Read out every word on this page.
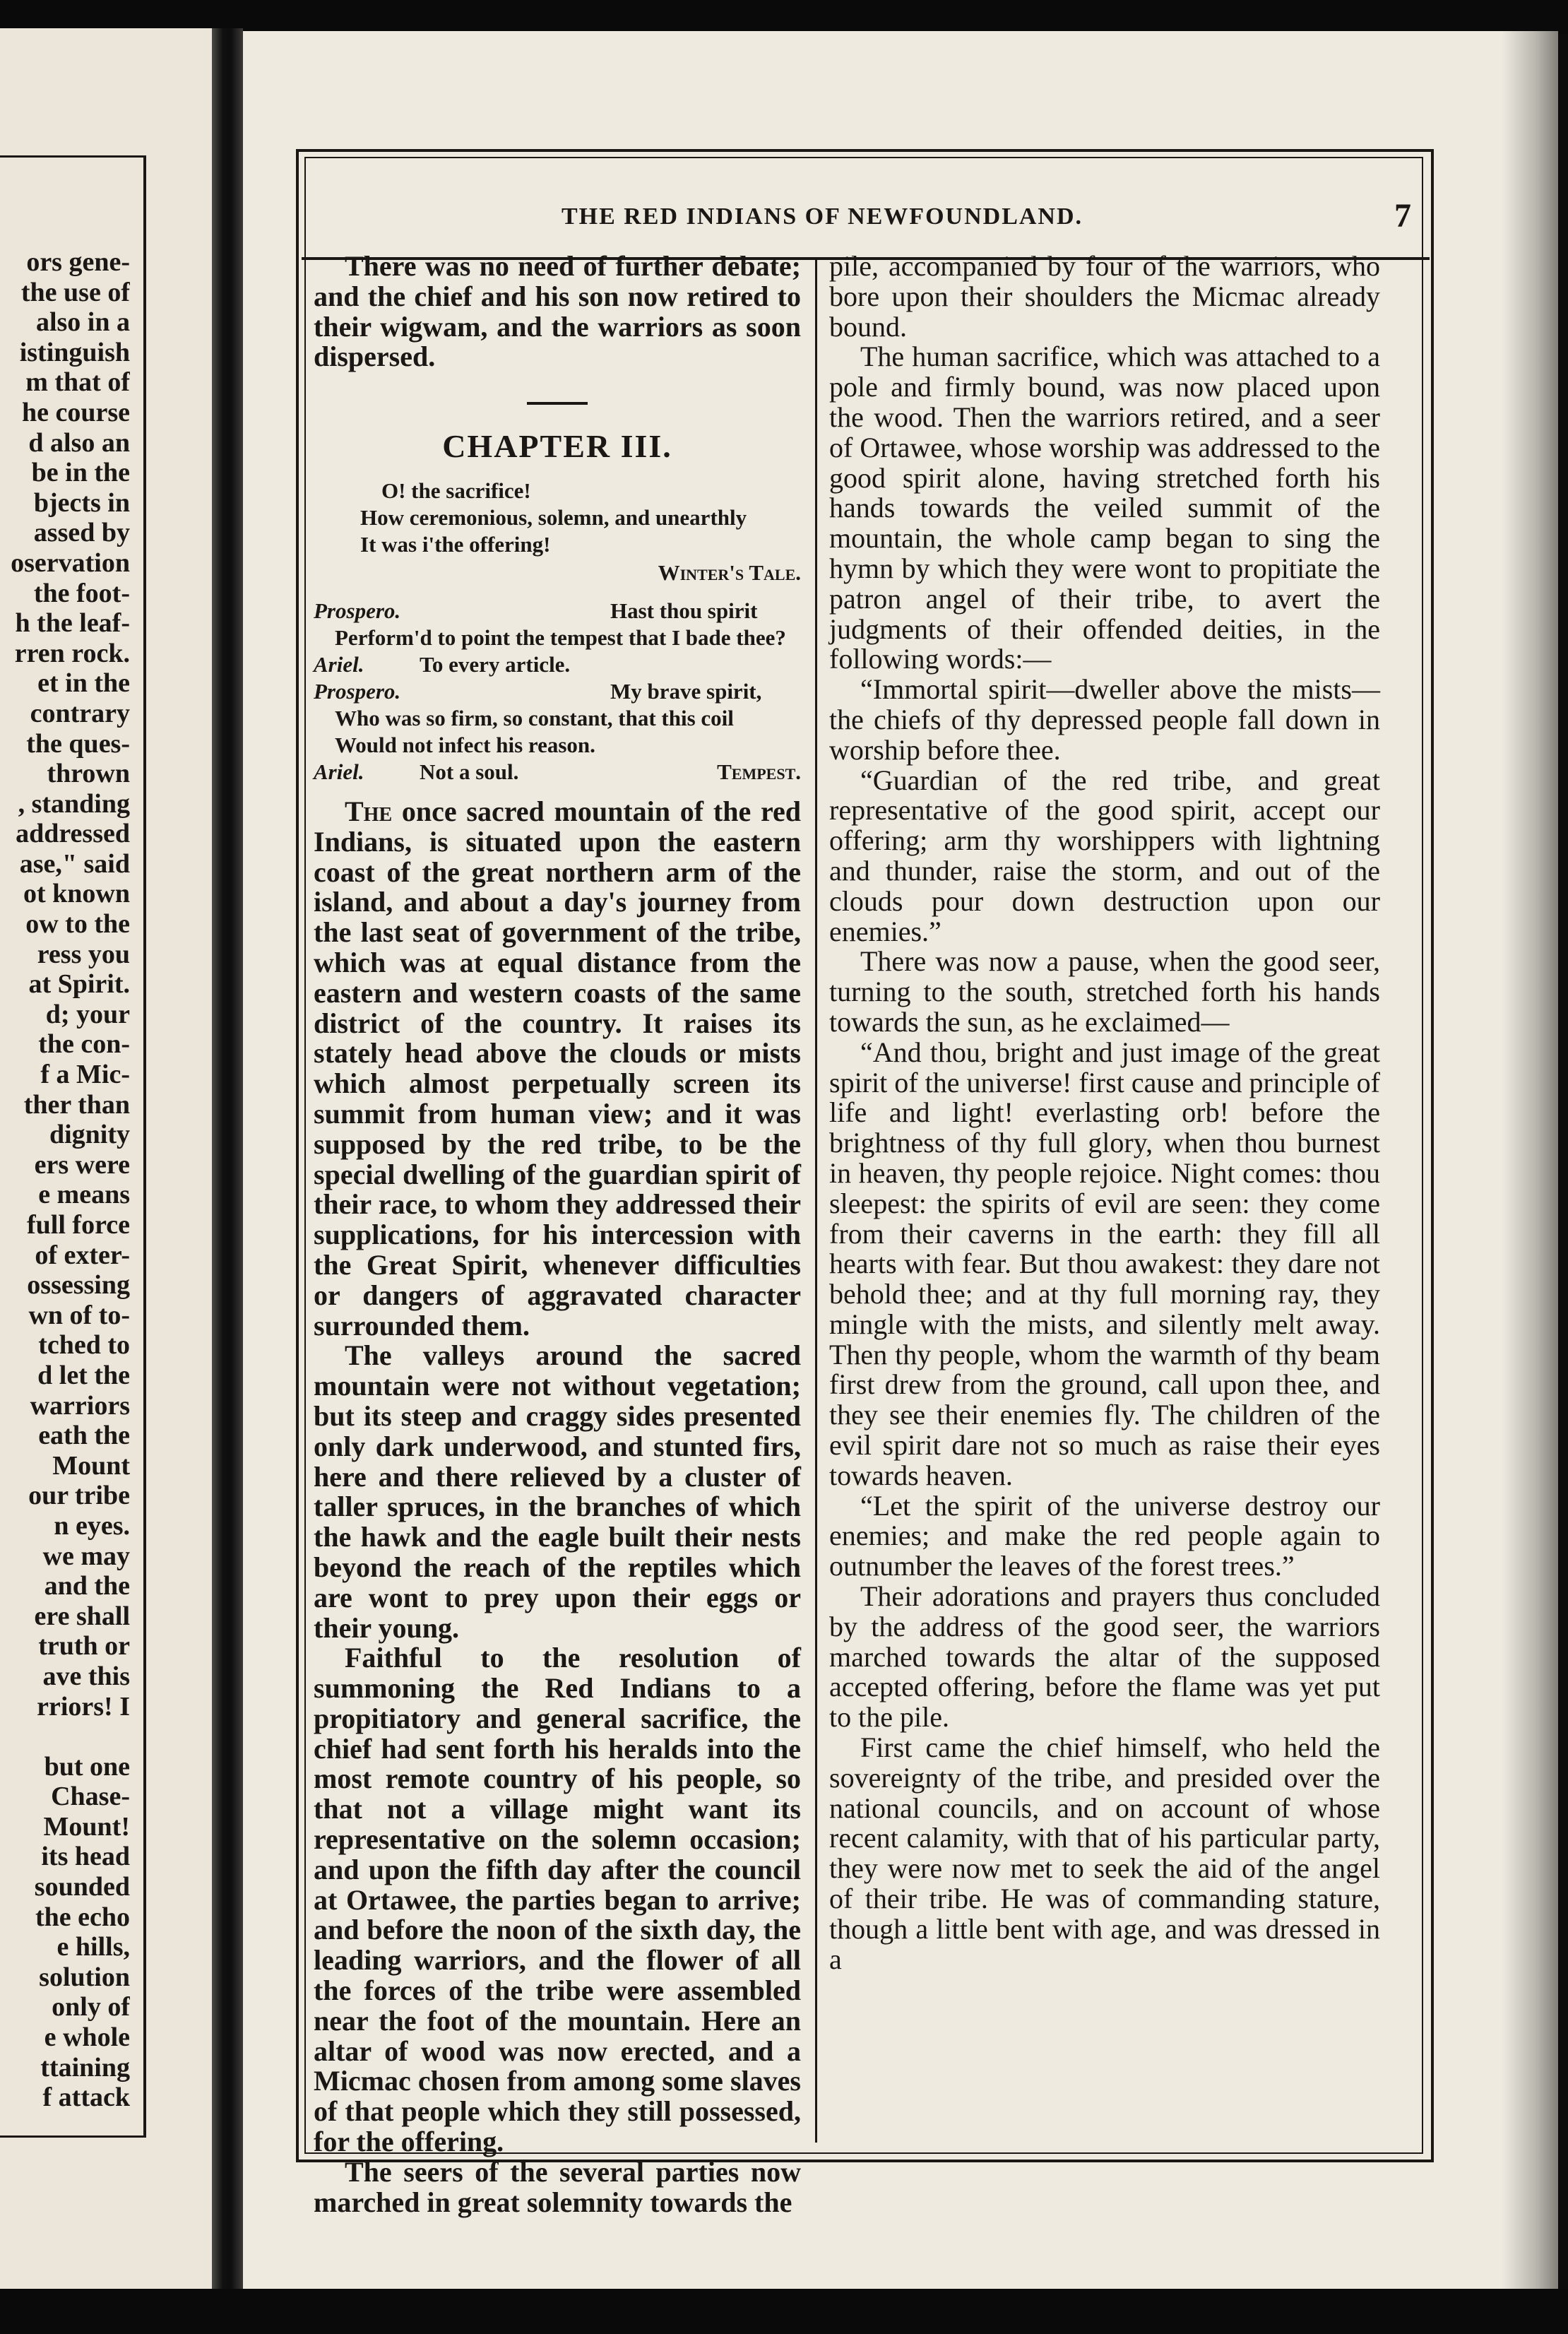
ors gene-
the use of
also in a
istinguish
m that of
he course
d also an
be in the
bjects in
assed by
oservation
the foot-
h the leaf-
rren rock.
et in the
contrary
the ques-
thrown
, standing
addressed
ase," said
ot known
ow to the
ress you
at Spirit.
d; your
the con-
f a Mic-
ther than
dignity
ers were
e means
full force
of exter-
ossessing
wn of to-
tched to
d let the
warriors
eath the
Mount
our tribe
n eyes.
we may
and the
ere shall
truth or
ave this
rriors! I
but one
Chase-
Mount!
its head
sounded
the echo
e hills,
solution
only of
e whole
ttaining
f attack
THE RED INDIANS OF NEWFOUNDLAND.	7

There was no need of further debate; and the chief and his son now retired to their wigwam, and the warriors as soon dispersed.

CHAPTER III.
O! the sacrifice!
How ceremonious, solemn, and unearthly
It was i'the offering!
Winter's Tale.
Prospero.	Hast thou spirit
Perform'd to point the tempest that I bade thee?
Ariel.	To every article.
Prospero.	My brave spirit,
Who was so firm, so constant, that this coil
Would not infect his reason.
Ariel.	Not a soul.	Tempest.

The once sacred mountain of the red Indians, is situated upon the eastern coast of the great northern arm of the island, and about a day's journey from the last seat of government of the tribe, which was at equal distance from the eastern and western coasts of the same district of the country. It raises its stately head above the clouds or mists which almost perpetually screen its summit from human view; and it was supposed by the red tribe, to be the special dwelling of the guardian spirit of their race, to whom they addressed their supplications, for his intercession with the Great Spirit, whenever difficulties or dangers of aggravated character surrounded them.

The valleys around the sacred mountain were not without vegetation; but its steep and craggy sides presented only dark underwood, and stunted firs, here and there relieved by a cluster of taller spruces, in the branches of which the hawk and the eagle built their nests beyond the reach of the reptiles which are wont to prey upon their eggs or their young.

Faithful to the resolution of summoning the Red Indians to a propitiatory and general sacrifice, the chief had sent forth his heralds into the most remote country of his people, so that not a village might want its representative on the solemn occasion; and upon the fifth day after the council at Ortawee, the parties began to arrive; and before the noon of the sixth day, the leading warriors, and the flower of all the forces of the tribe were assembled near the foot of the mountain. Here an altar of wood was now erected, and a Micmac chosen from among some slaves of that people which they still possessed, for the offering.

The seers of the several parties now marched in great solemnity towards the

pile, accompanied by four of the warriors, who bore upon their shoulders the Micmac already bound.

The human sacrifice, which was attached to a pole and firmly bound, was now placed upon the wood. Then the warriors retired, and a seer of Ortawee, whose worship was addressed to the good spirit alone, having stretched forth his hands towards the veiled summit of the mountain, the whole camp began to sing the hymn by which they were wont to propitiate the patron angel of their tribe, to avert the judgments of their offended deities, in the following words:—

“Immortal spirit—dweller above the mists—the chiefs of thy depressed people fall down in worship before thee.

“Guardian of the red tribe, and great representative of the good spirit, accept our offering; arm thy worshippers with lightning and thunder, raise the storm, and out of the clouds pour down destruction upon our enemies.”

There was now a pause, when the good seer, turning to the south, stretched forth his hands towards the sun, as he exclaimed—

“And thou, bright and just image of the great spirit of the universe! first cause and principle of life and light! everlasting orb! before the brightness of thy full glory, when thou burnest in heaven, thy people rejoice. Night comes: thou sleepest: the spirits of evil are seen: they come from their caverns in the earth: they fill all hearts with fear. But thou awakest: they dare not behold thee; and at thy full morning ray, they mingle with the mists, and silently melt away. Then thy people, whom the warmth of thy beam first drew from the ground, call upon thee, and they see their enemies fly. The children of the evil spirit dare not so much as raise their eyes towards heaven.

“Let the spirit of the universe destroy our enemies; and make the red people again to outnumber the leaves of the forest trees.”

Their adorations and prayers thus concluded by the address of the good seer, the warriors marched towards the altar of the supposed accepted offering, before the flame was yet put to the pile.

First came the chief himself, who held the sovereignty of the tribe, and presided over the national councils, and on account of whose recent calamity, with that of his particular party, they were now met to seek the aid of the angel of their tribe. He was of commanding stature, though a little bent with age, and was dressed in a
